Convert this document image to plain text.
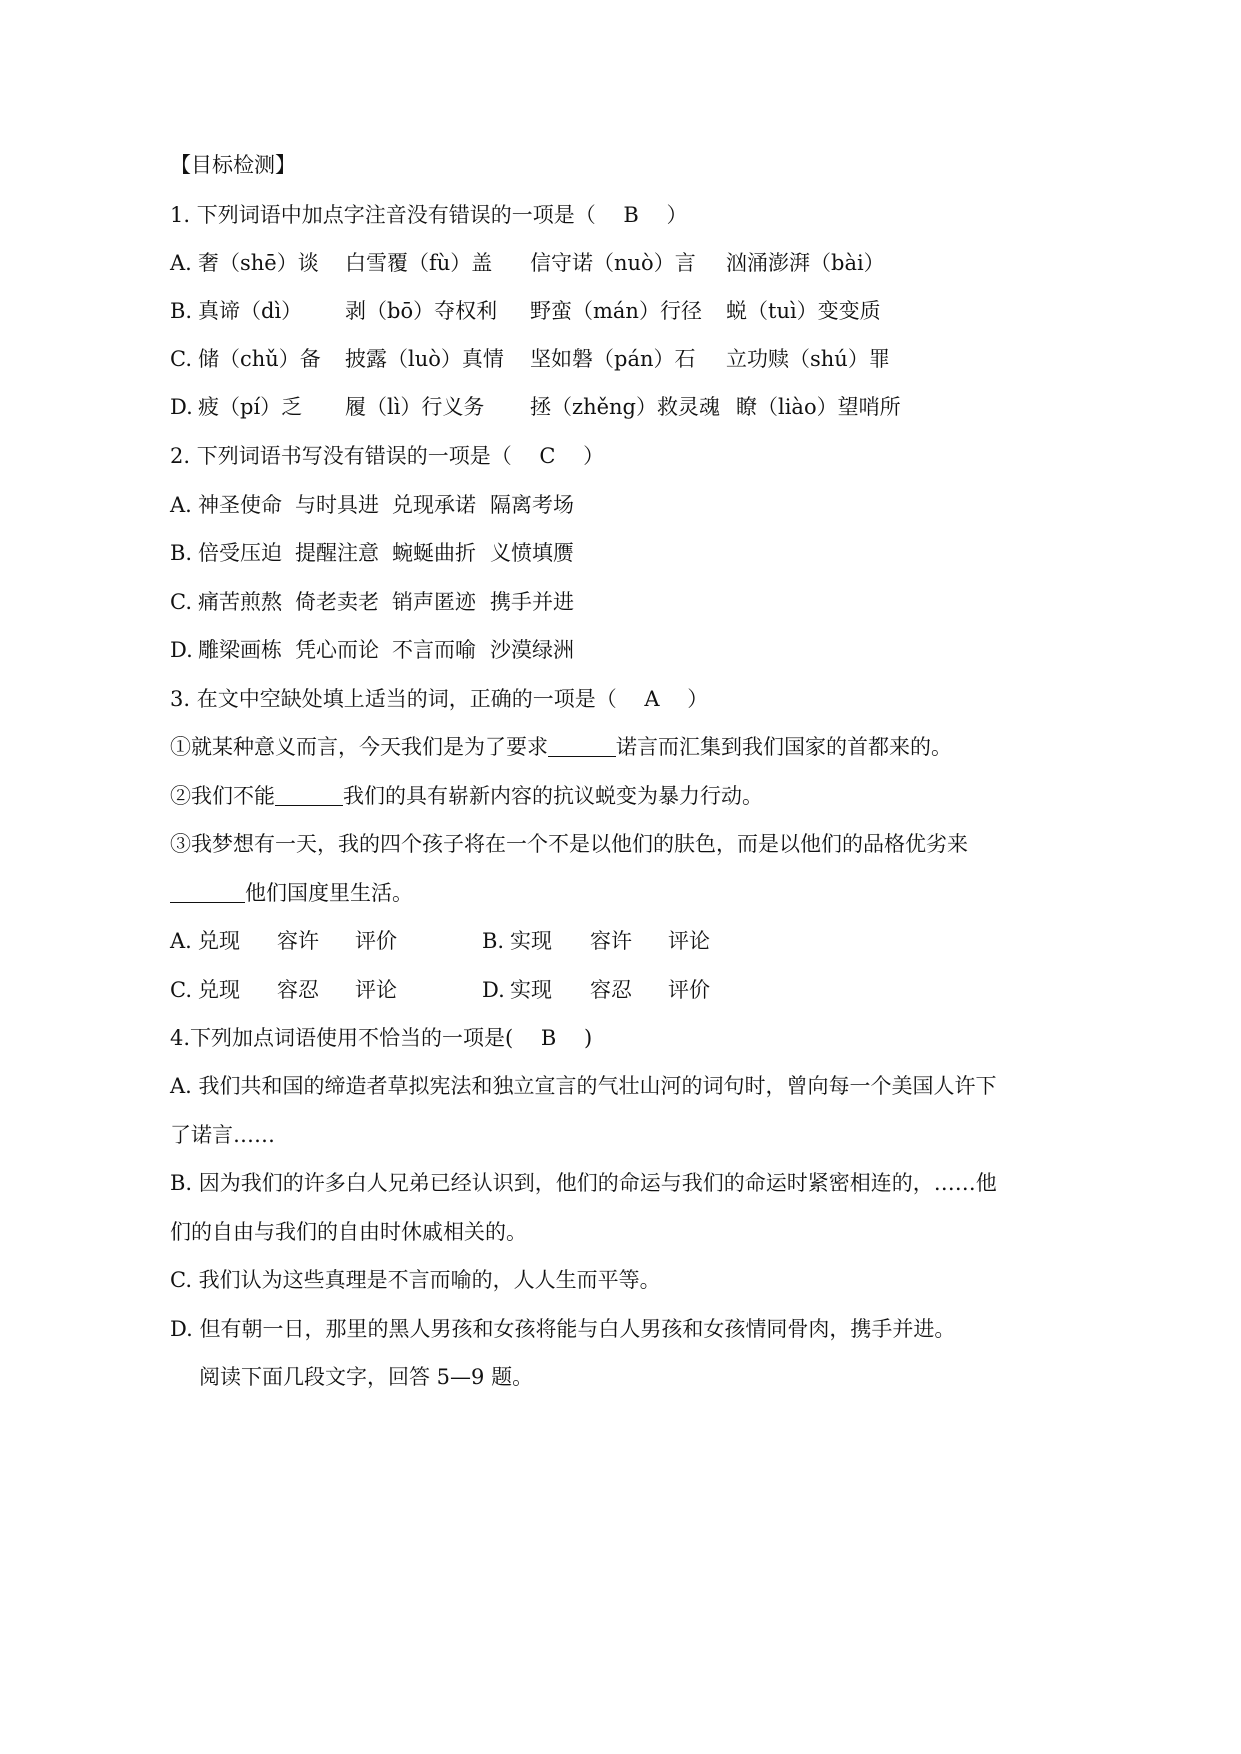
【目标检测】
1. 下列词语中加点字注音没有错误的一项是（　 B　 ）
A. 奢（shē）谈 白雪覆（fù）盖 信守诺（nuò）言 汹涌澎湃（bài）
B. 真谛（dì） 剥（bō）夺权利 野蛮（mán）行径 蜕（tuì）变变质
C. 储（chǔ）备 披露（luò）真情 坚如磐（pán）石 立功赎（shú）罪
D. 疲（pí）乏 履（lì）行义务 拯（zhěng）救灵魂 瞭（liào）望哨所
2. 下列词语书写没有错误的一项是（　 C　 ）
A. 神圣使命 与时具进 兑现承诺 隔离考场
B. 倍受压迫 提醒注意 蜿蜒曲折 义愤填赝
C. 痛苦煎熬 倚老卖老 销声匿迹 携手并进
D. 雕梁画栋 凭心而论 不言而喻 沙漠绿洲
3. 在文中空缺处填上适当的词，正确的一项是（　 A　 ）
①就某种意义而言，今天我们是为了要求	诺言而汇集到我们国家的首都来的。
②我们不能	我们的具有崭新内容的抗议蜕变为暴力行动。
③我梦想有一天，我的四个孩子将在一个不是以他们的肤色，而是以他们的品格优劣来
他们国度里生活。
A. 兑现 容许 评价	B. 实现 容许 评论
C. 兑现 容忍 评论	D. 实现 容忍 评价
4.下列加点词语使用不恰当的一项是(　 B　 )
A. 我们共和国的缔造者草拟宪法和独立宣言的气壮山河的词句时，曾向每一个美国人许下
了诺言……
B. 因为我们的许多白人兄弟已经认识到，他们的命运与我们的命运时紧密相连的，……他
们的自由与我们的自由时休戚相关的。
C. 我们认为这些真理是不言而喻的，人人生而平等。
D. 但有朝一日，那里的黑人男孩和女孩将能与白人男孩和女孩情同骨肉，携手并进。
阅读下面几段文字，回答 5—9 题。
